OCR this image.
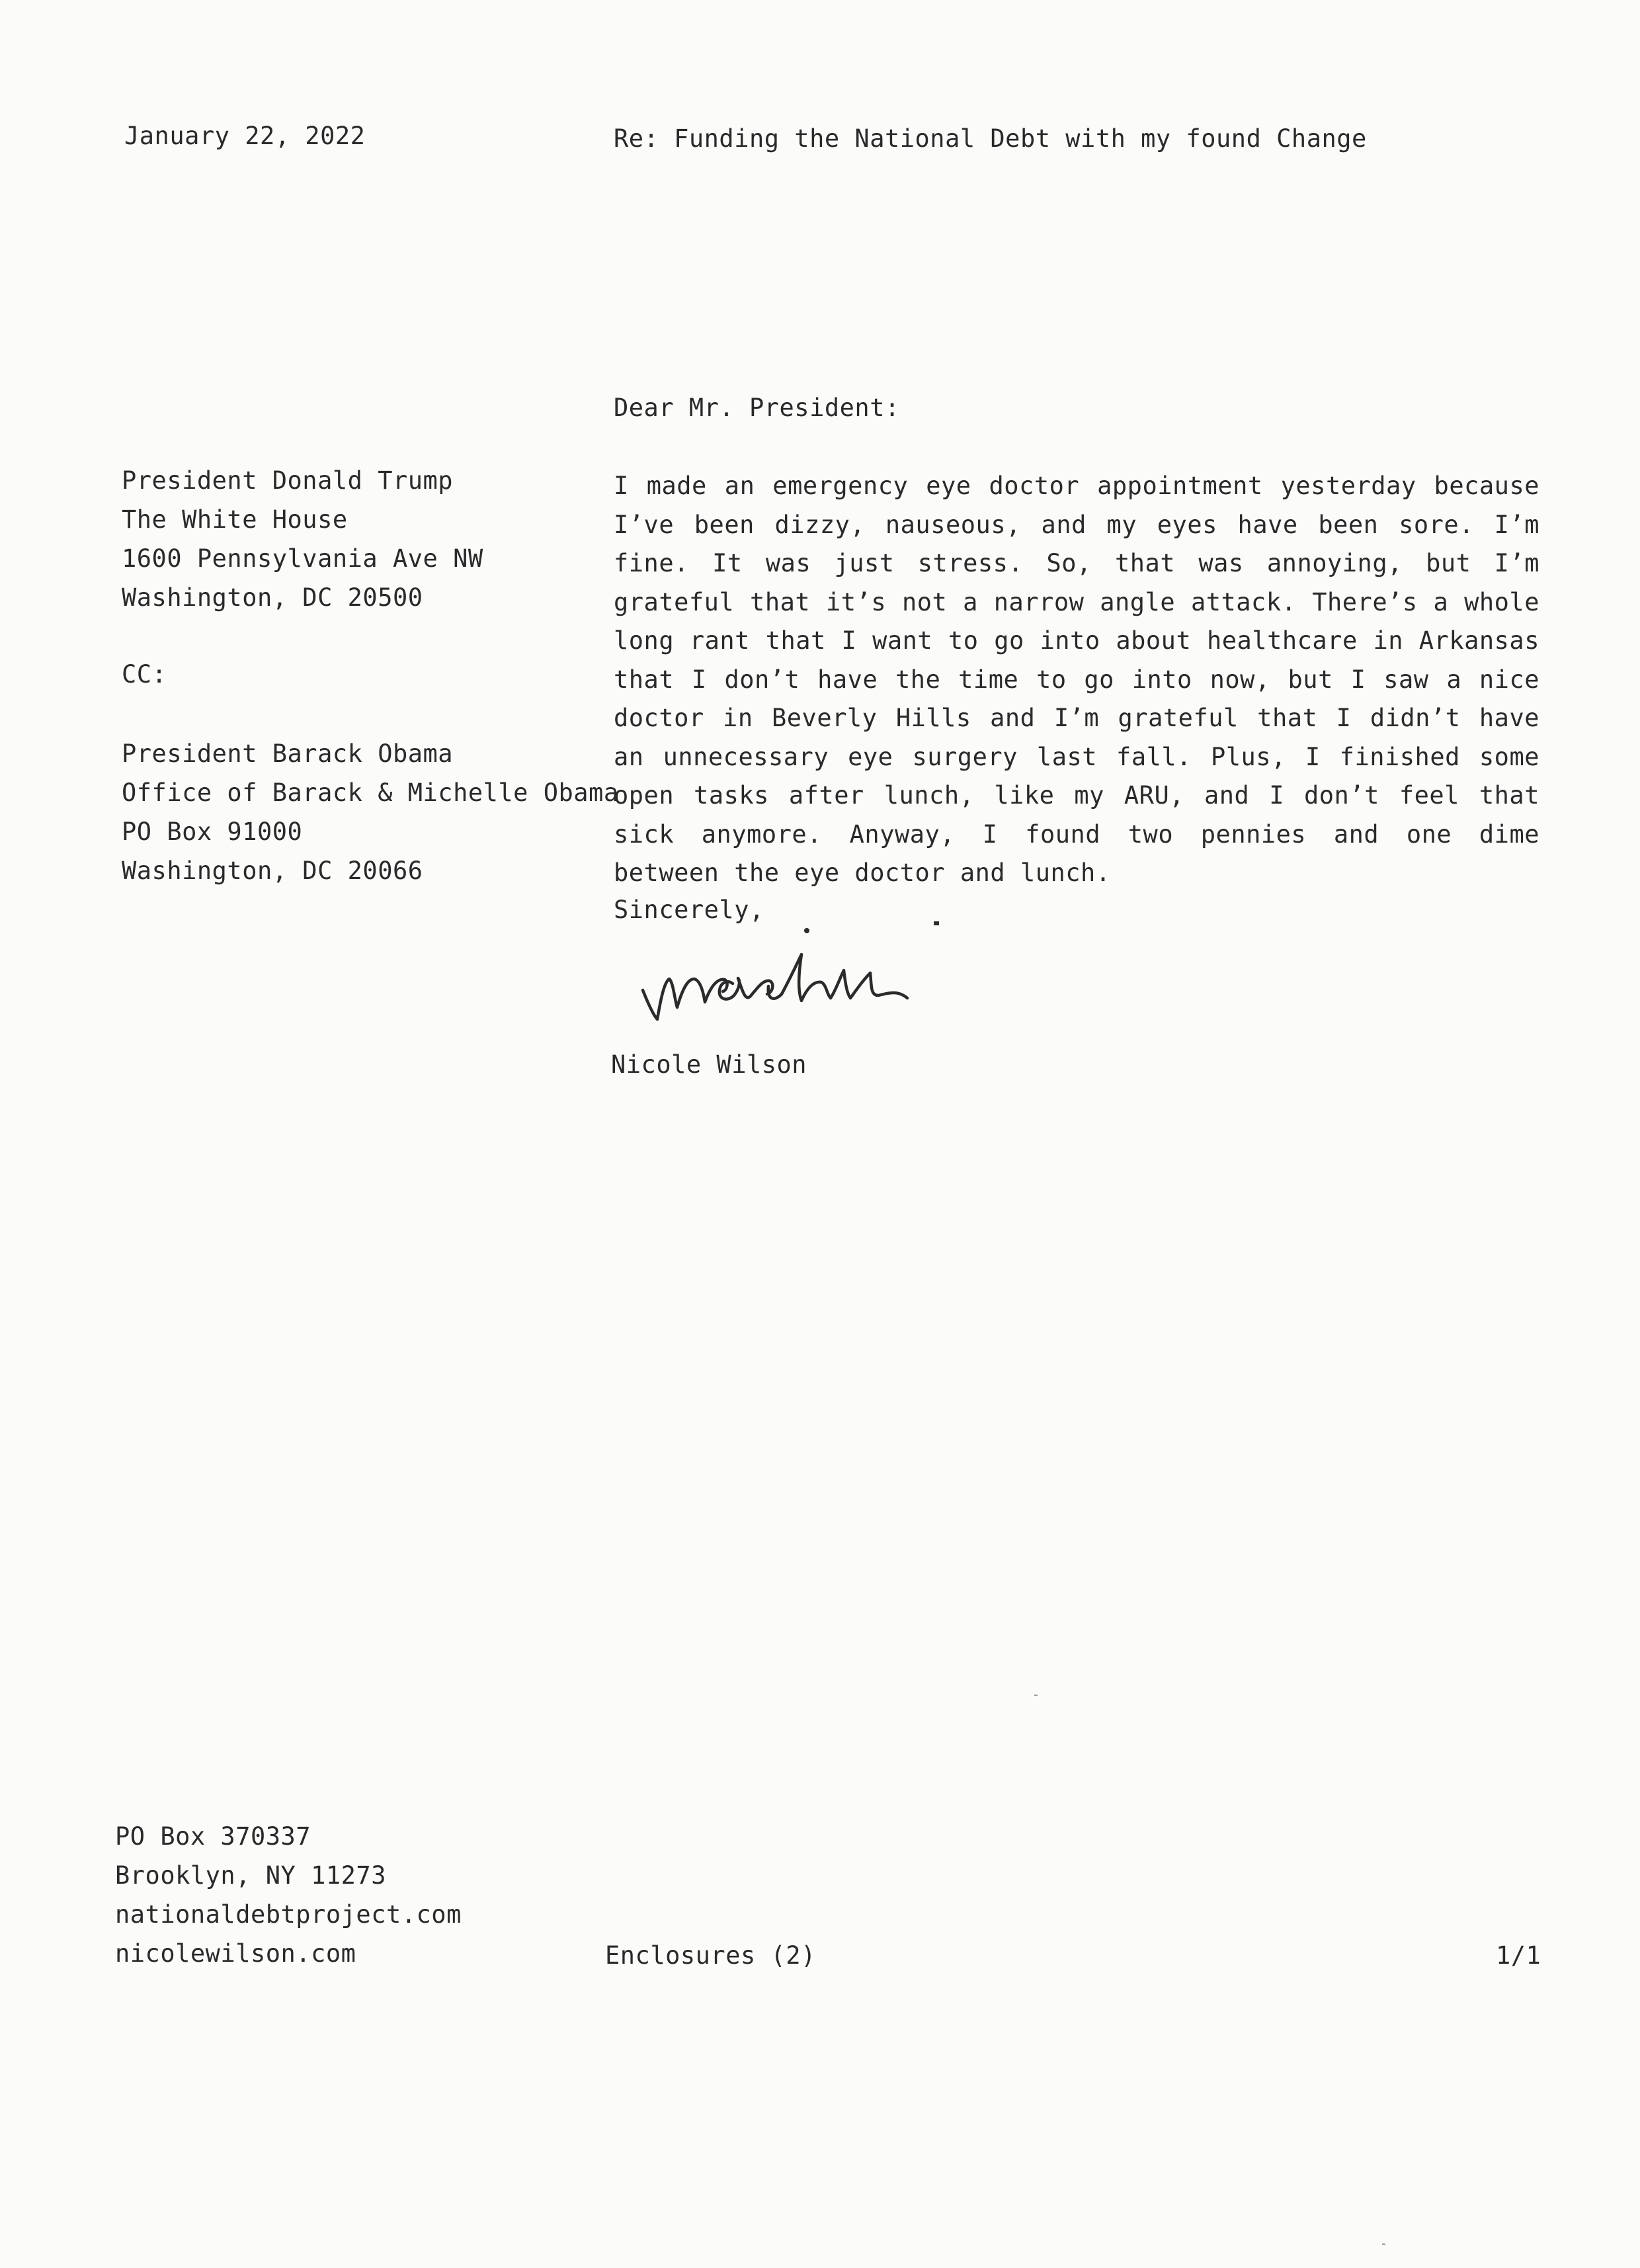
January 22, 2022	Re: Funding the National Debt with my found Change
Dear Mr. President:
President Donald Trump
The White House
1600 Pennsylvania Ave NW
Washington, DC 20500
CC:
President Barack Obama
Office of Barack & Michelle Obama
PO Box 91000
Washington, DC 20066
I made an emergency eye doctor appointment yesterday because I’ve been dizzy, nauseous, and my eyes have been sore. I’m fine. It was just stress. So, that was annoying, but I’m grateful that it’s not a narrow angle attack. There’s a whole long rant that I want to go into about healthcare in Arkansas that I don’t have the time to go into now, but I saw a nice doctor in Beverly Hills and I’m grateful that I didn’t have an unnecessary eye surgery last fall. Plus, I finished some open tasks after lunch, like my ARU, and I don’t feel that sick anymore. Anyway, I found two pennies and one dime between the eye doctor and lunch.
Sincerely,
Nicole Wilson
PO Box 370337
Brooklyn, NY 11273
nationaldebtproject.com
nicolewilson.com	Enclosures (2)	1/1
